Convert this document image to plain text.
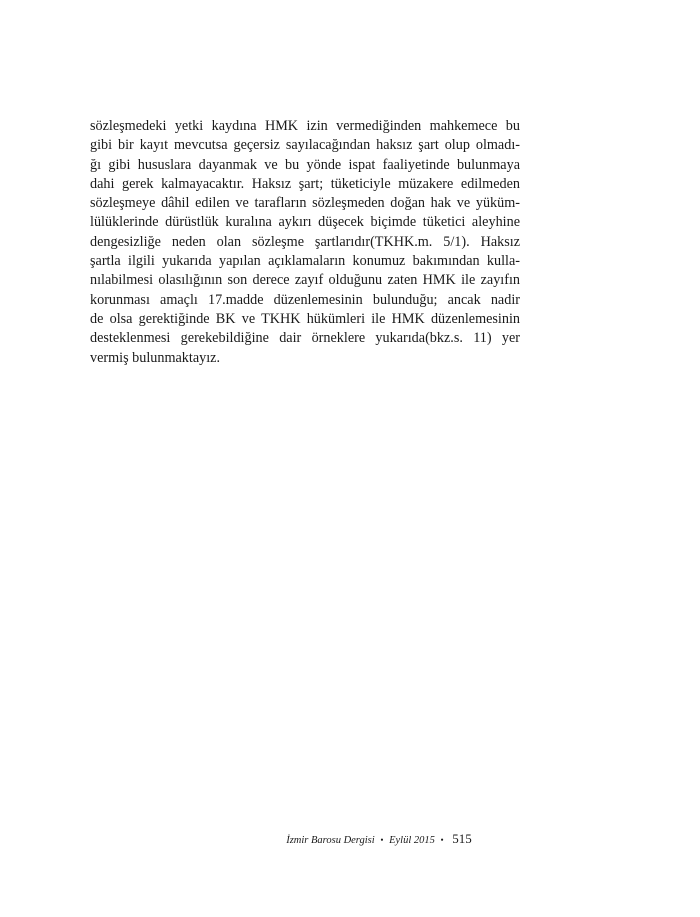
sözleşmedeki yetki kaydına HMK izin vermediğinden mahkemece bu
gibi bir kayıt mevcutsa geçersiz sayılacağından haksız şart olup olmadı-
ğı gibi hususlara dayanmak ve bu yönde ispat faaliyetinde bulunmaya
dahi gerek kalmayacaktır. Haksız şart; tüketiciyle müzakere edilmeden
sözleşmeye dâhil edilen ve tarafların sözleşmeden doğan hak ve yüküm-
lülüklerinde dürüstlük kuralına aykırı düşecek biçimde tüketici aleyhine
dengesizliğe neden olan sözleşme şartlarıdır(TKHK.m. 5/1). Haksız
şartla ilgili yukarıda yapılan açıklamaların konumuz bakımından kulla-
nılabilmesi olasılığının son derece zayıf olduğunu zaten HMK ile zayıfın
korunması amaçlı 17.madde düzenlemesinin bulunduğu; ancak nadir
de olsa gerektiğinde BK ve TKHK hükümleri ile HMK düzenlemesinin
desteklenmesi gerekebildiğine dair örneklere yukarıda(bkz.s. 11) yer
vermiş bulunmaktayız.
İzmir Barosu Dergisi • Eylül 2015 • 515
